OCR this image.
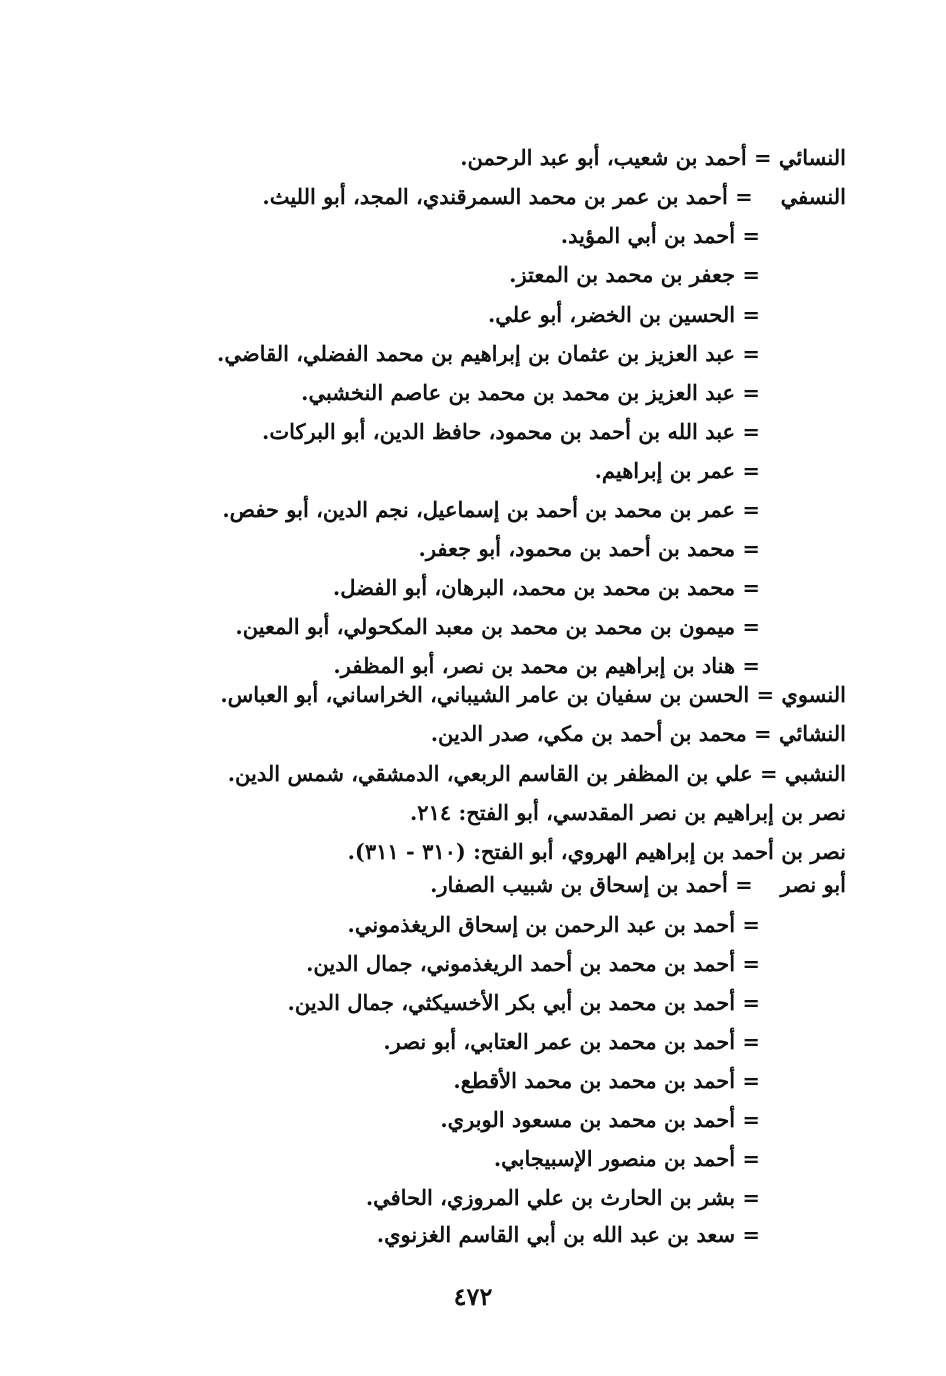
النسائي = أحمد بن شعيب، أبو عبد الرحمن.
النسفي = أحمد بن عمر بن محمد السمرقندي، المجد، أبو الليث.
= أحمد بن أبي المؤيد.
= جعفر بن محمد بن المعتز.
= الحسين بن الخضر، أبو علي.
= عبد العزيز بن عثمان بن إبراهيم بن محمد الفضلي، القاضي.
= عبد العزيز بن محمد بن محمد بن عاصم النخشبي.
= عبد الله بن أحمد بن محمود، حافظ الدين، أبو البركات.
= عمر بن إبراهيم.
= عمر بن محمد بن أحمد بن إسماعيل، نجم الدين، أبو حفص.
= محمد بن أحمد بن محمود، أبو جعفر.
= محمد بن محمد بن محمد، البرهان، أبو الفضل.
= ميمون بن محمد بن محمد بن معبد المكحولي، أبو المعين.
= هناد بن إبراهيم بن محمد بن نصر، أبو المظفر.
النسوي = الحسن بن سفيان بن عامر الشيباني، الخراساني، أبو العباس.
النشائي = محمد بن أحمد بن مكي، صدر الدين.
النشبي = علي بن المظفر بن القاسم الربعي، الدمشقي، شمس الدين.
نصر بن إبراهيم بن نصر المقدسي، أبو الفتح: ٢١٤.
نصر بن أحمد بن إبراهيم الهروي، أبو الفتح: (٣١٠ - ٣١١).
أبو نصر = أحمد بن إسحاق بن شبيب الصفار.
= أحمد بن عبد الرحمن بن إسحاق الريغذموني.
= أحمد بن محمد بن أحمد الريغذموني، جمال الدين.
= أحمد بن محمد بن أبي بكر الأخسيكثي، جمال الدين.
= أحمد بن محمد بن عمر العتابي، أبو نصر.
= أحمد بن محمد بن محمد الأقطع.
= أحمد بن محمد بن مسعود الوبري.
= أحمد بن منصور الإسبيجابي.
= بشر بن الحارث بن علي المروزي، الحافي.
= سعد بن عبد الله بن أبي القاسم الغزنوي.
٤٧٢
